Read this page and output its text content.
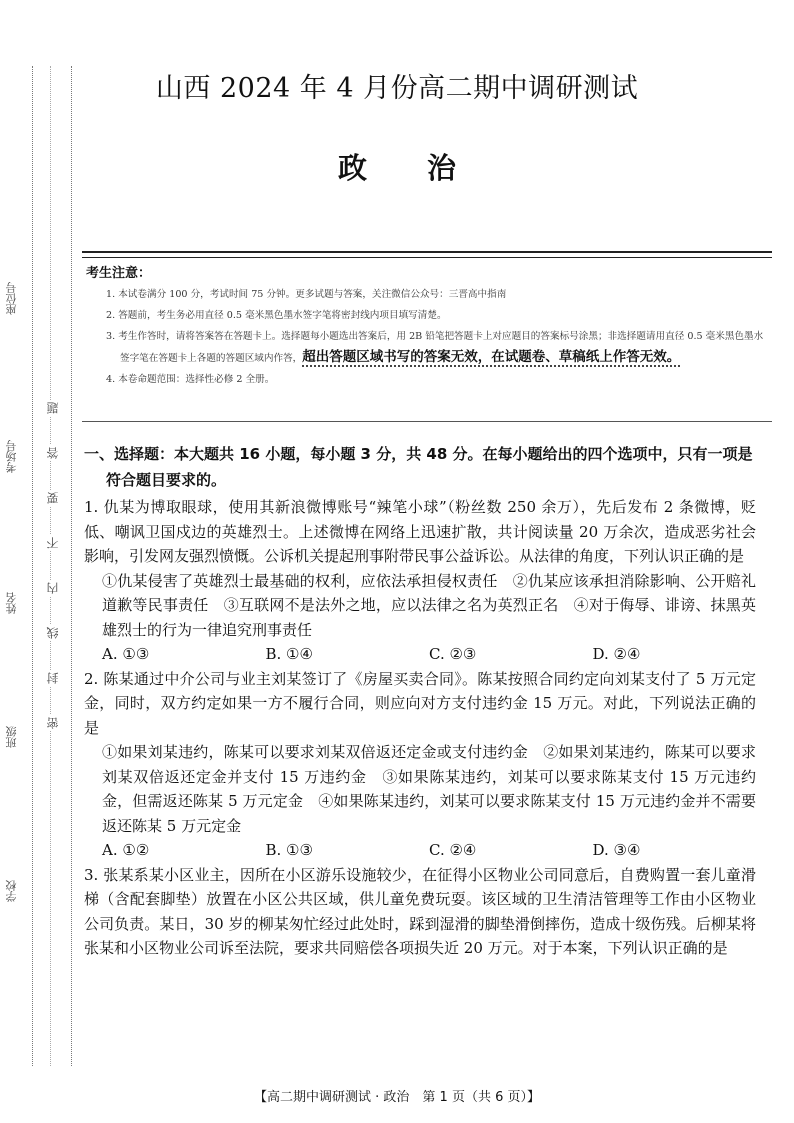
座位号
考场号
姓名
班级
学校
题
答
要
不
内
线
封
密
山西 2024 年 4 月份高二期中调研测试
政治
考生注意：
1. 本试卷满分 100 分，考试时间 75 分钟。更多试题与答案，关注微信公众号：三晋高中指南
2. 答题前，考生务必用直径 0.5 毫米黑色墨水签字笔将密封线内项目填写清楚。
3. 考生作答时，请将答案答在答题卡上。选择题每小题选出答案后，用 2B 铅笔把答题卡上对应题目的答案标号涂黑；非选择题请用直径 0.5 毫米黑色墨水签字笔在答题卡上各题的答题区域内作答，超出答题区域书写的答案无效，在试题卷、草稿纸上作答无效。
4. 本卷命题范围：选择性必修 2 全册。
一、选择题：本大题共 16 小题，每小题 3 分，共 48 分。在每小题给出的四个选项中，只有一项是符合题目要求的。

1. 仇某为博取眼球，使用其新浪微博账号“辣笔小球”（粉丝数 250 余万），先后发布 2 条微博，贬低、嘲讽卫国戍边的英雄烈士。上述微博在网络上迅速扩散，共计阅读量 20 万余次，造成恶劣社会影响，引发网友强烈愤慨。公诉机关提起刑事附带民事公益诉讼。从法律的角度，下列认识正确的是

①仇某侵害了英雄烈士最基础的权利，应依法承担侵权责任　②仇某应该承担消除影响、公开赔礼道歉等民事责任　③互联网不是法外之地，应以法律之名为英烈正名　④对于侮辱、诽谤、抹黑英雄烈士的行为一律追究刑事责任
A. ①③	B. ①④	C. ②③	D. ②④

2. 陈某通过中介公司与业主刘某签订了《房屋买卖合同》。陈某按照合同约定向刘某支付了 5 万元定金，同时，双方约定如果一方不履行合同，则应向对方支付违约金 15 万元。对此，下列说法正确的是

①如果刘某违约，陈某可以要求刘某双倍返还定金或支付违约金　②如果刘某违约，陈某可以要求刘某双倍返还定金并支付 15 万违约金　③如果陈某违约，刘某可以要求陈某支付 15 万元违约金，但需返还陈某 5 万元定金　④如果陈某违约，刘某可以要求陈某支付 15 万元违约金并不需要返还陈某 5 万元定金
A. ①②	B. ①③	C. ②④	D. ③④

3. 张某系某小区业主，因所在小区游乐设施较少，在征得小区物业公司同意后，自费购置一套儿童滑梯（含配套脚垫）放置在小区公共区域，供儿童免费玩耍。该区域的卫生清洁管理等工作由小区物业公司负责。某日，30 岁的柳某匆忙经过此处时，踩到湿滑的脚垫滑倒摔伤，造成十级伤残。后柳某将张某和小区物业公司诉至法院，要求共同赔偿各项损失近 20 万元。对于本案，下列认识正确的是

【高二期中调研测试 · 政治　第 1 页（共 6 页）】
